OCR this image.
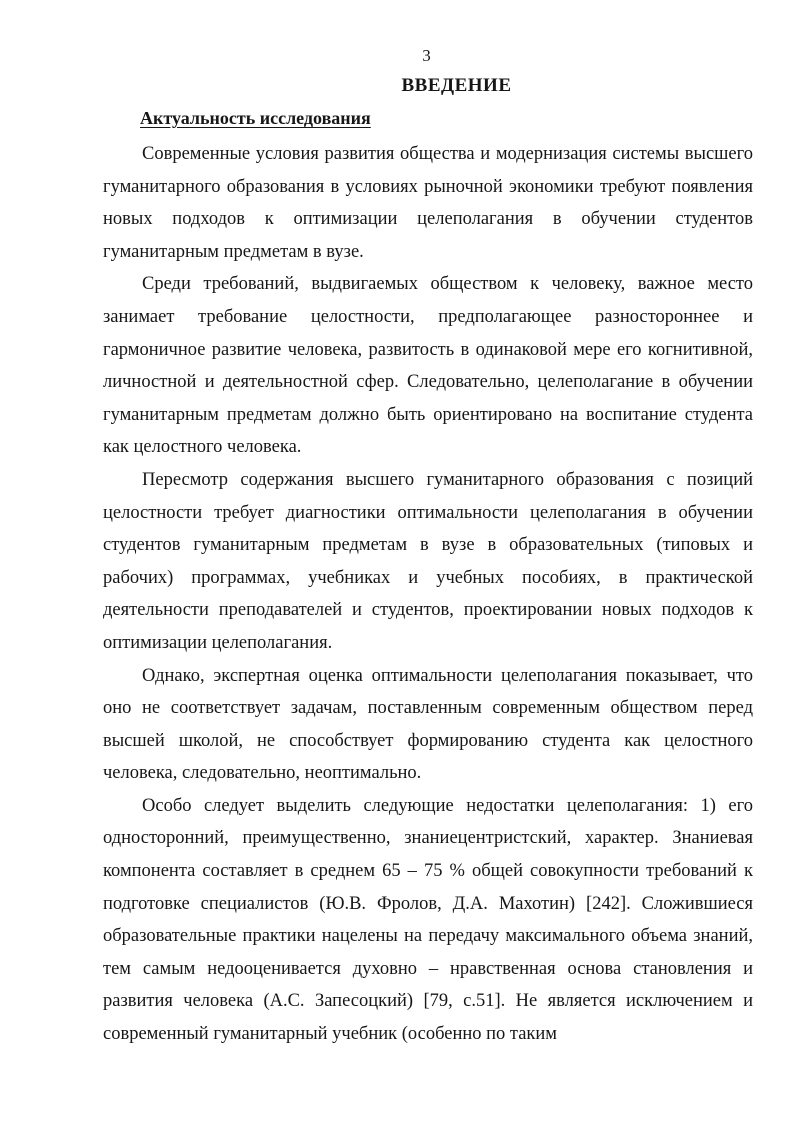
3
ВВЕДЕНИЕ
Актуальность исследования

Современные условия развития общества и модернизация системы высшего гуманитарного образования в условиях рыночной экономики требуют появления новых подходов к оптимизации целеполагания в обучении студентов гуманитарным предметам в вузе.

Среди требований, выдвигаемых обществом к человеку, важное место занимает требование целостности, предполагающее разностороннее и гармоничное развитие человека, развитость в одинаковой мере его когнитивной, личностной и деятельностной сфер. Следовательно, целеполагание в обучении гуманитарным предметам должно быть ориентировано на воспитание студента как целостного человека.

Пересмотр содержания высшего гуманитарного образования с позиций целостности требует диагностики оптимальности целеполагания в обучении студентов гуманитарным предметам в вузе в образовательных (типовых и рабочих) программах, учебниках и учебных пособиях, в практической деятельности преподавателей и студентов, проектировании новых подходов к оптимизации целеполагания.

Однако, экспертная оценка оптимальности целеполагания показывает, что оно не соответствует задачам, поставленным современным обществом перед высшей школой, не способствует формированию студента как целостного человека, следовательно, неоптимально.

Особо следует выделить следующие недостатки целеполагания: 1) его односторонний, преимущественно, знаниецентристский, характер. Знаниевая компонента составляет в среднем 65 – 75 % общей совокупности требований к подготовке специалистов (Ю.В. Фролов, Д.А. Махотин) [242]. Сложившиеся образовательные практики нацелены на передачу максимального объема знаний, тем самым недооценивается духовно – нравственная основа становления и развития человека (А.С. Запесоцкий) [79, с.51]. Не является исключением и современный гуманитарный учебник (особенно по таким
